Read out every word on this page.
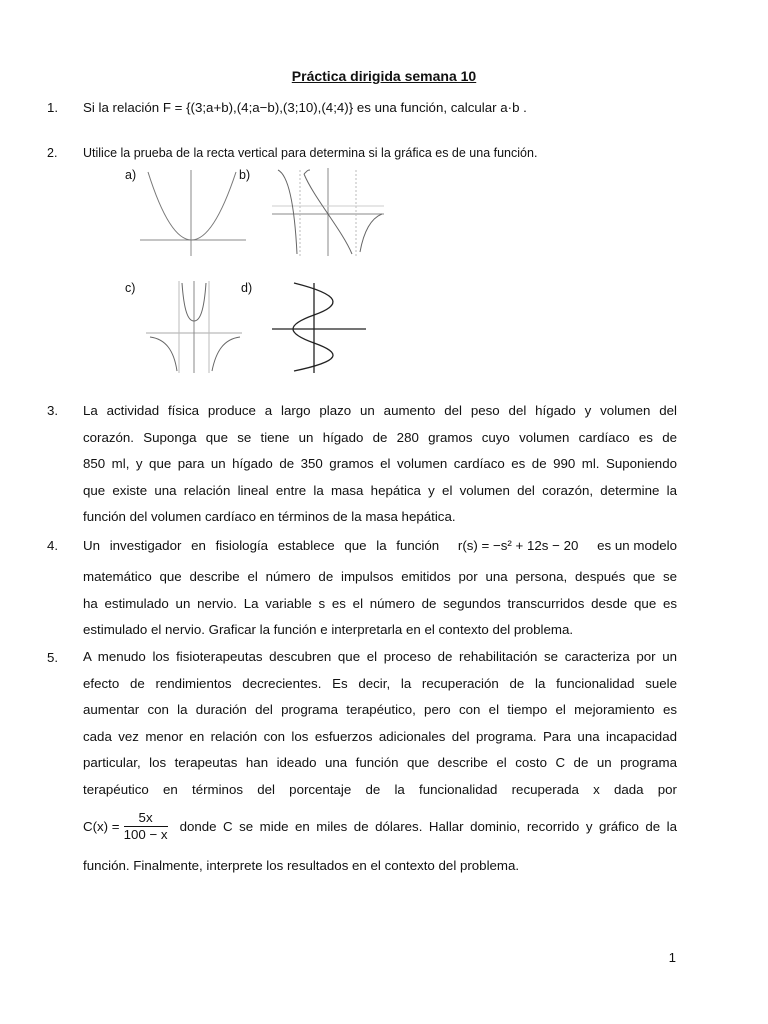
Práctica dirigida semana 10
1. Si la relación F = {(3;a+b),(4;a−b),(3;10),(4;4)} es una función, calcular a·b .
2. Utilice la prueba de la recta vertical para determina si la gráfica es de una función.
a)	b)
c)	d)
3. La actividad física produce a largo plazo un aumento del peso del hígado y volumen del

corazón. Suponga que se tiene un hígado de 280 gramos cuyo volumen cardíaco es de

850 ml, y que para un hígado de 350 gramos el volumen cardíaco es de 990 ml. Suponiendo

que existe una relación lineal entre la masa hepática y el volumen del corazón, determine la

función del volumen cardíaco en términos de la masa hepática.

4. Un investigador en fisiología establece que la función r(s) = −s² + 12s − 20 es un modelo

matemático que describe el número de impulsos emitidos por una persona, después que se

ha estimulado un nervio. La variable s es el número de segundos transcurridos desde que es

estimulado el nervio. Graficar la función e interpretarla en el contexto del problema.

5. A menudo los fisioterapeutas descubren que el proceso de rehabilitación se caracteriza por un

efecto de rendimientos decrecientes. Es decir, la recuperación de la funcionalidad suele

aumentar con la duración del programa terapéutico, pero con el tiempo el mejoramiento es

cada vez menor en relación con los esfuerzos adicionales del programa. Para una incapacidad

particular, los terapeutas han ideado una función que describe el costo C de un programa

terapéutico en términos del porcentaje de la funcionalidad recuperada x dada por

$C(x) = \frac{5x}{100 - x}$ donde C se mide en miles de dólares. Hallar dominio, recorrido y gráfico de la
función. Finalmente, interprete los resultados en el contexto del problema.
1
